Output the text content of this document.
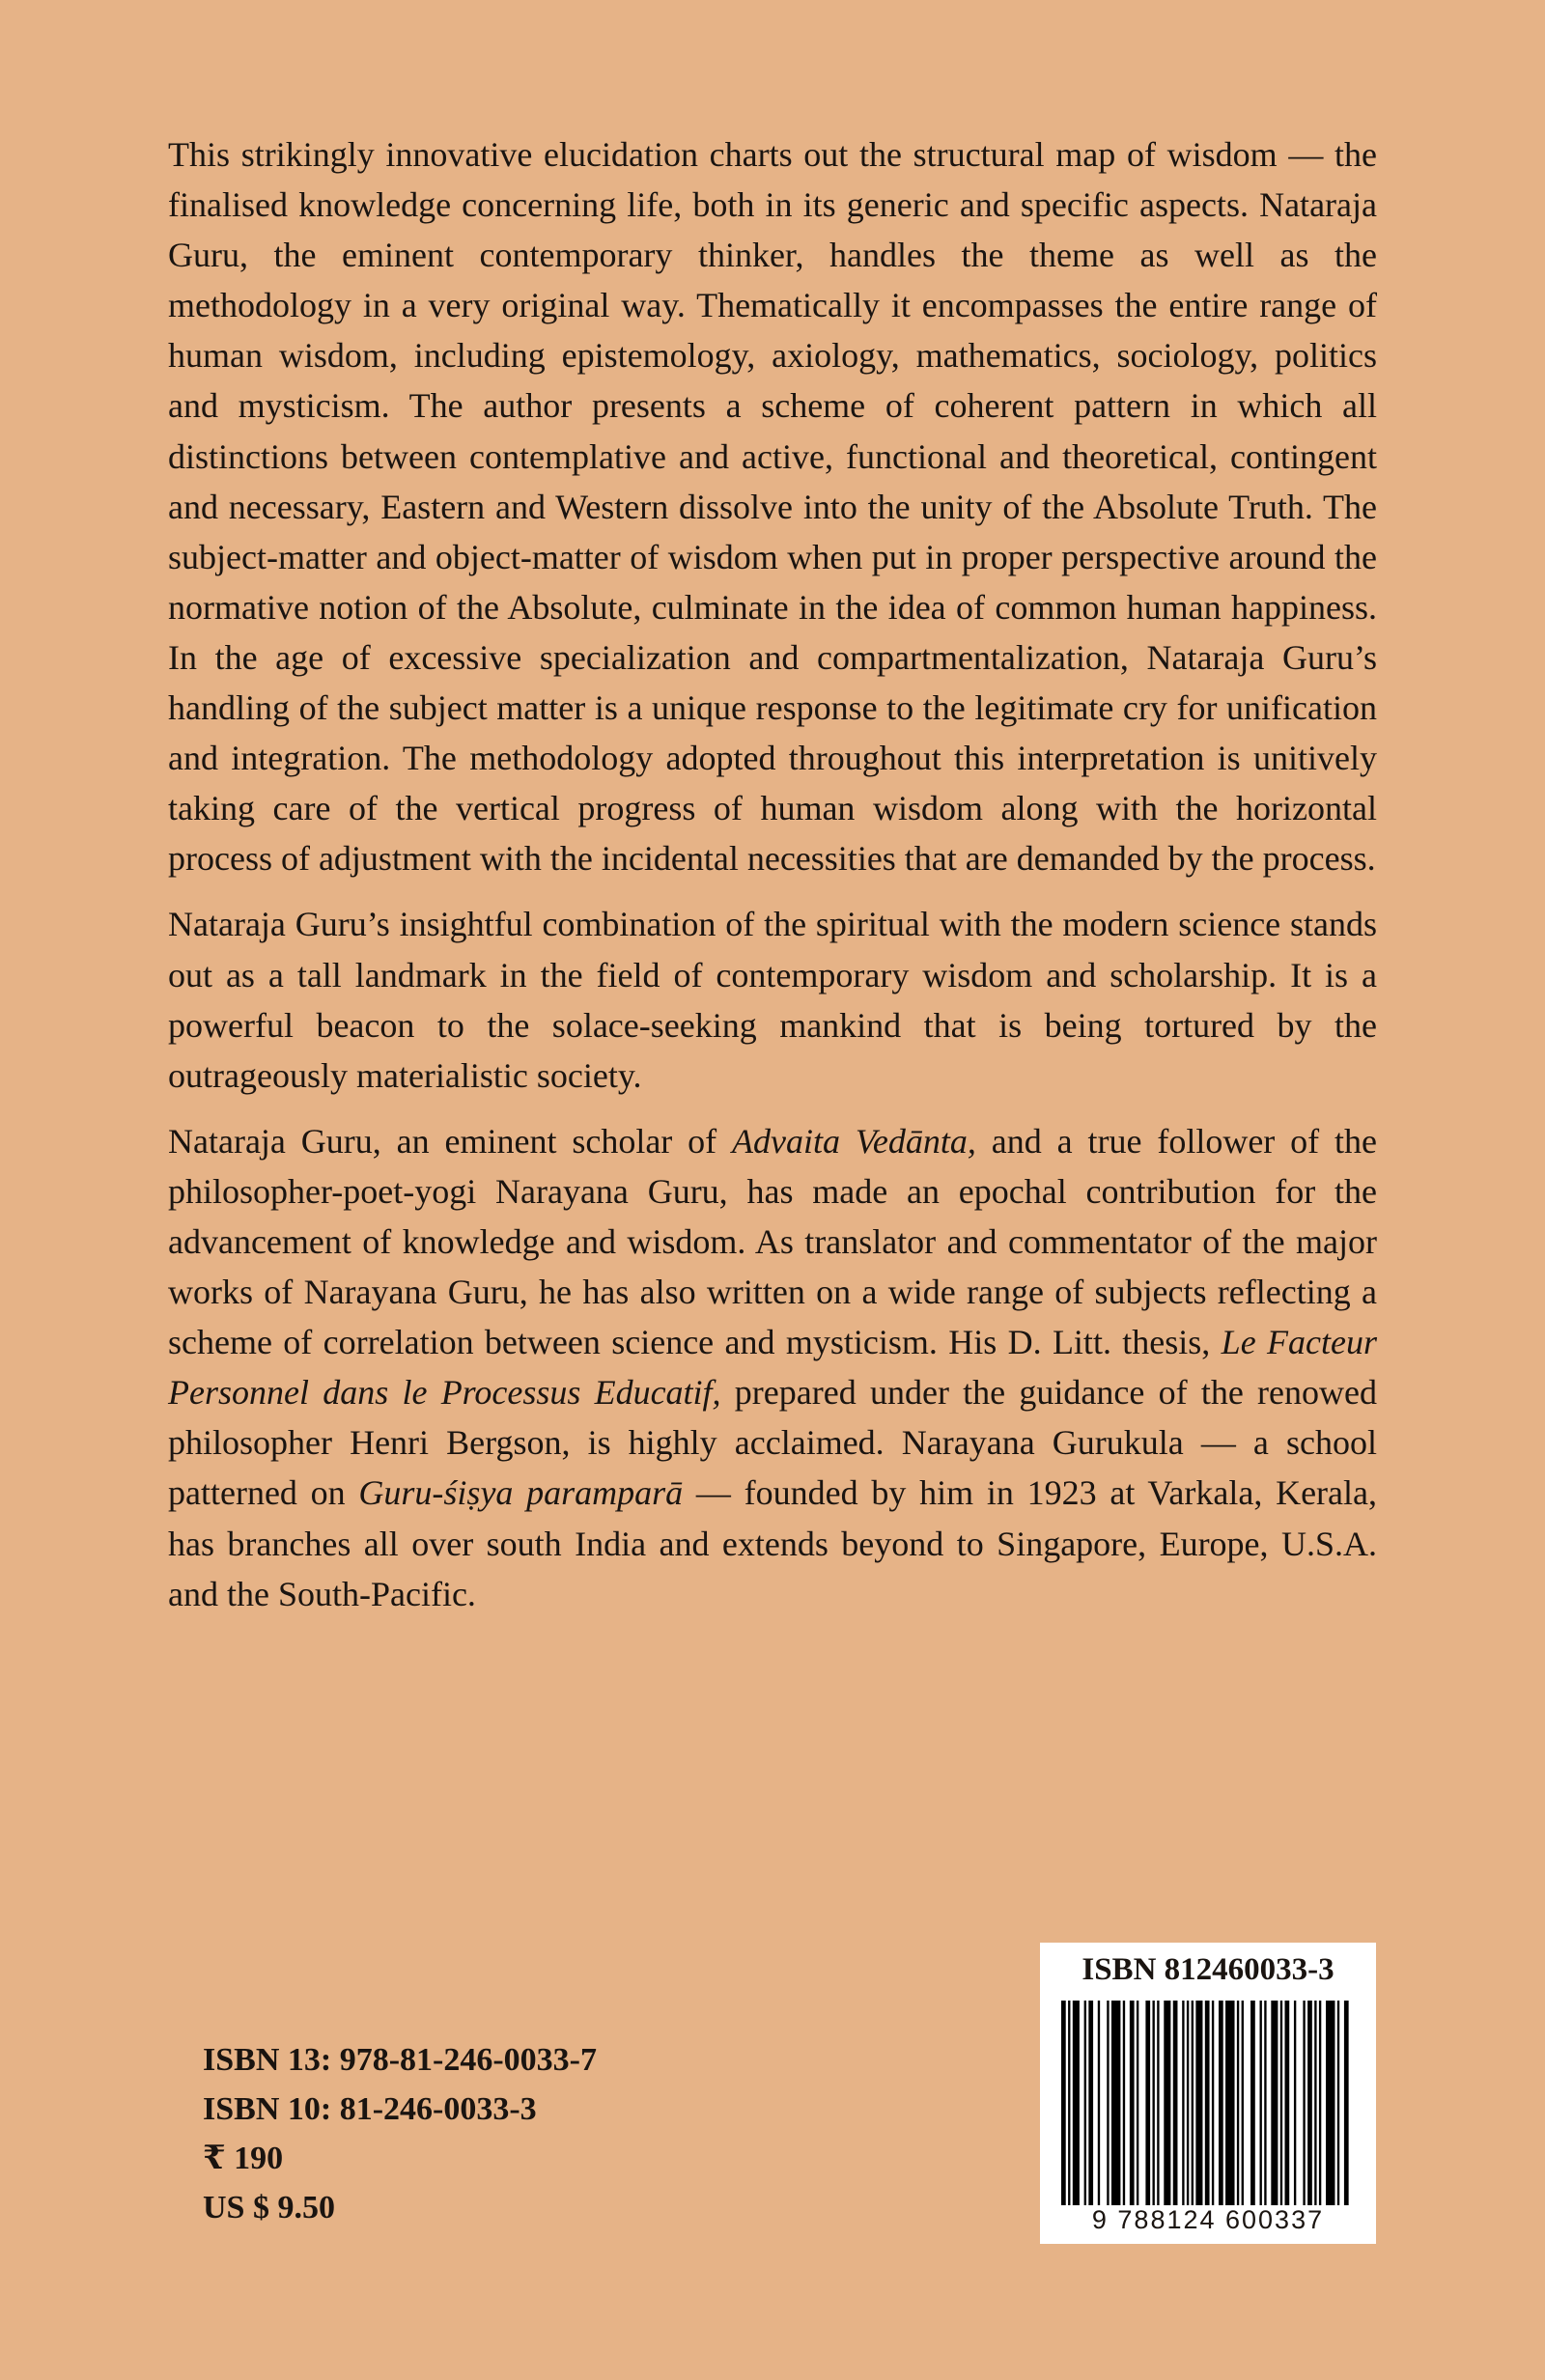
This strikingly innovative elucidation charts out the structural map of wisdom — the finalised knowledge concerning life, both in its generic and specific aspects. Nataraja Guru, the eminent contemporary thinker, handles the theme as well as the methodology in a very original way. Thematically it encompasses the entire range of human wisdom, including epistemology, axiology, mathematics, sociology, politics and mysticism. The author presents a scheme of coherent pattern in which all distinctions between contemplative and active, functional and theoretical, contingent and necessary, Eastern and Western dissolve into the unity of the Absolute Truth. The subject-matter and object-matter of wisdom when put in proper perspective around the normative notion of the Absolute, culminate in the idea of common human happiness. In the age of excessive specialization and compartmentalization, Nataraja Guru’s handling of the subject matter is a unique response to the legitimate cry for unification and integration. The methodology adopted throughout this interpretation is unitively taking care of the vertical progress of human wisdom along with the horizontal process of adjustment with the incidental necessities that are demanded by the process.

Nataraja Guru’s insightful combination of the spiritual with the modern science stands out as a tall landmark in the field of contemporary wisdom and scholarship. It is a powerful beacon to the solace-seeking mankind that is being tortured by the outrageously materialistic society.

Nataraja Guru, an eminent scholar of Advaita Vedānta, and a true follower of the philosopher-poet-yogi Narayana Guru, has made an epochal contribution for the advancement of knowledge and wisdom. As translator and commentator of the major works of Narayana Guru, he has also written on a wide range of subjects reflecting a scheme of correlation between science and mysticism. His D. Litt. thesis, Le Facteur Personnel dans le Processus Educatif, prepared under the guidance of the renowed philosopher Henri Bergson, is highly acclaimed. Narayana Gurukula — a school patterned on Guru-śiṣya paramparā — founded by him in 1923 at Varkala, Kerala, has branches all over south India and extends beyond to Singapore, Europe, U.S.A. and the South-Pacific.

ISBN 13: 978-81-246-0033-7
ISBN 10: 81-246-0033-3
₹ 190
US $ 9.50
ISBN 812460033-3
9 788124 600337
